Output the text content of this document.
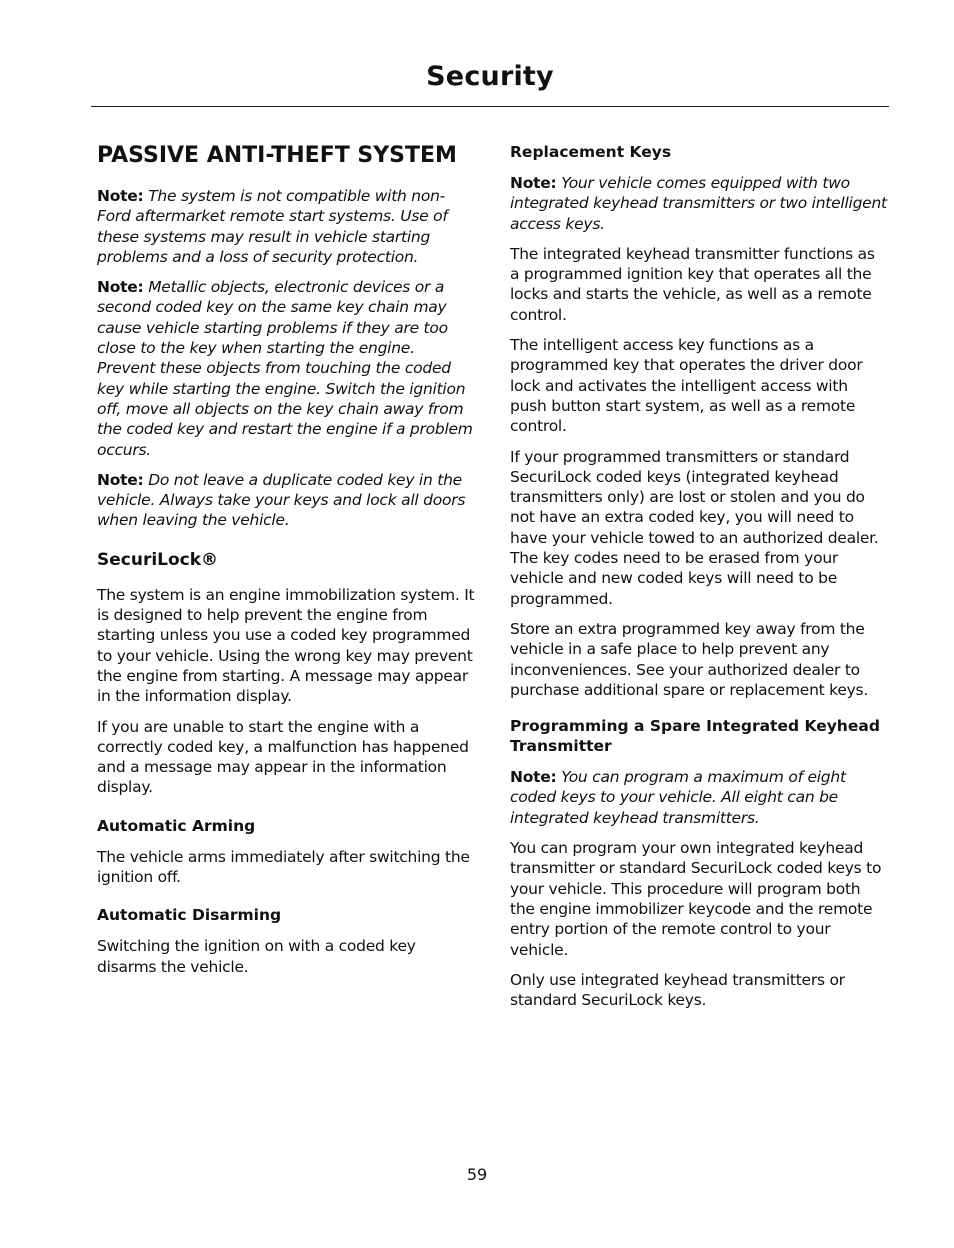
Security
PASSIVE ANTI-THEFT SYSTEM

Note: The system is not compatible with non-Ford aftermarket remote start systems. Use of these systems may result in vehicle starting problems and a loss of security protection.

Note: Metallic objects, electronic devices or a second coded key on the same key chain may cause vehicle starting problems if they are too close to the key when starting the engine. Prevent these objects from touching the coded key while starting the engine. Switch the ignition off, move all objects on the key chain away from the coded key and restart the engine if a problem occurs.

Note: Do not leave a duplicate coded key in the vehicle. Always take your keys and lock all doors when leaving the vehicle.

SecuriLock®

The system is an engine immobilization system. It is designed to help prevent the engine from starting unless you use a coded key programmed to your vehicle. Using the wrong key may prevent the engine from starting. A message may appear in the information display.

If you are unable to start the engine with a correctly coded key, a malfunction has happened and a message may appear in the information display.

Automatic Arming

The vehicle arms immediately after switching the ignition off.

Automatic Disarming

Switching the ignition on with a coded key disarms the vehicle.

Replacement Keys

Note: Your vehicle comes equipped with two integrated keyhead transmitters or two intelligent access keys.

The integrated keyhead transmitter functions as a programmed ignition key that operates all the locks and starts the vehicle, as well as a remote control.

The intelligent access key functions as a programmed key that operates the driver door lock and activates the intelligent access with push button start system, as well as a remote control.

If your programmed transmitters or standard SecuriLock coded keys (integrated keyhead transmitters only) are lost or stolen and you do not have an extra coded key, you will need to have your vehicle towed to an authorized dealer. The key codes need to be erased from your vehicle and new coded keys will need to be programmed.

Store an extra programmed key away from the vehicle in a safe place to help prevent any inconveniences. See your authorized dealer to purchase additional spare or replacement keys.

Programming a Spare Integrated Keyhead Transmitter

Note: You can program a maximum of eight coded keys to your vehicle. All eight can be integrated keyhead transmitters.

You can program your own integrated keyhead transmitter or standard SecuriLock coded keys to your vehicle. This procedure will program both the engine immobilizer keycode and the remote entry portion of the remote control to your vehicle.

Only use integrated keyhead transmitters or standard SecuriLock keys.

59
